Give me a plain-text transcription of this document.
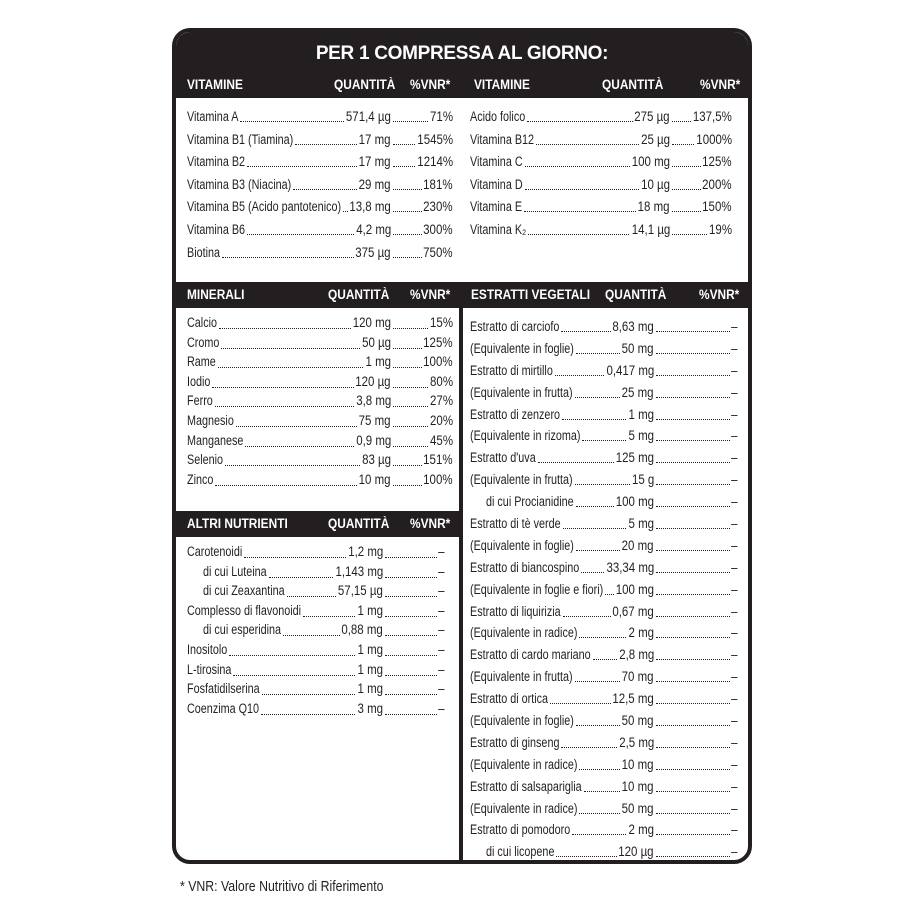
PER 1 COMPRESSA AL GIORNO:
VITAMINE	QUANTITÀ %VNR* VITAMINE	QUANTITÀ	%VNR*
Vitamina A	571,4 µg	71%
Vitamina B1 (Tiamina)	17 mg 1545%
Vitamina B2	17 mg 1214%
Vitamina B3 (Niacina)	29 mg 181%
Vitamina B5 (Acido pantotenico) 13,8 mg 230%
Vitamina B6	4,2 mg 300%
Biotina	375 µg 750%
Acido folico	275 µg 137,5%
Vitamina B12	25 µg 1000%
Vitamina C	100 mg 125%
Vitamina D	10 µg 200%
Vitamina E	18 mg 150%
Vitamina K₂	14,1 µg	19%
MINERALI	QUANTITÀ %VNR* ESTRATTI VEGETALI QUANTITÀ %VNR*
Calcio	120 mg	15%
Cromo	50 µg 125%
Rame	1 mg 100%
Iodio	120 µg	80%
Ferro	3,8 mg	27%
Magnesio	75 mg	20%
Manganese	0,9 mg	45%
Selenio	83 µg 151%
Zinco	10 mg 100%
ALTRI NUTRIENTI	QUANTITÀ %VNR*
Carotenoidi	1,2 mg	–
di cui Luteina	1,143 mg	–
di cui Zeaxantina	57,15 µg	–
Complesso di flavonoidi	1 mg	–
di cui esperidina	0,88 mg	–
Inositolo	1 mg	–
L-tirosina	1 mg	–
Fosfatidilserina	1 mg	–
Coenzima Q10	3 mg	–
Estratto di carciofo	8,63 mg	–
(Equivalente in foglie)	50 mg	–
Estratto di mirtillo	0,417 mg	–
(Equivalente in frutta)	25 mg	–
Estratto di zenzero	1 mg	–
(Equivalente in rizoma)	5 mg	–
Estratto d'uva	125 mg	–
(Equivalente in frutta)	15 g	–
di cui Procianidine	100 mg	–
Estratto di tè verde	5 mg	–
(Equivalente in foglie)	20 mg	–
Estratto di biancospino 33,34 mg	–
(Equivalente in foglie e fiori) 100 mg	–
Estratto di liquirizia	0,67 mg	–
(Equivalente in radice)	2 mg	–
Estratto di cardo mariano 2,8 mg	–
(Equivalente in frutta)	70 mg	–
Estratto di ortica	12,5 mg	–
(Equivalente in foglie)	50 mg	–
Estratto di ginseng	2,5 mg	–
(Equivalente in radice)	10 mg	–
Estratto di salsapariglia	10 mg	–
(Equivalente in radice)	50 mg	–
Estratto di pomodoro	2 mg	–
di cui licopene	120 µg	–
* VNR: Valore Nutritivo di Riferimento
